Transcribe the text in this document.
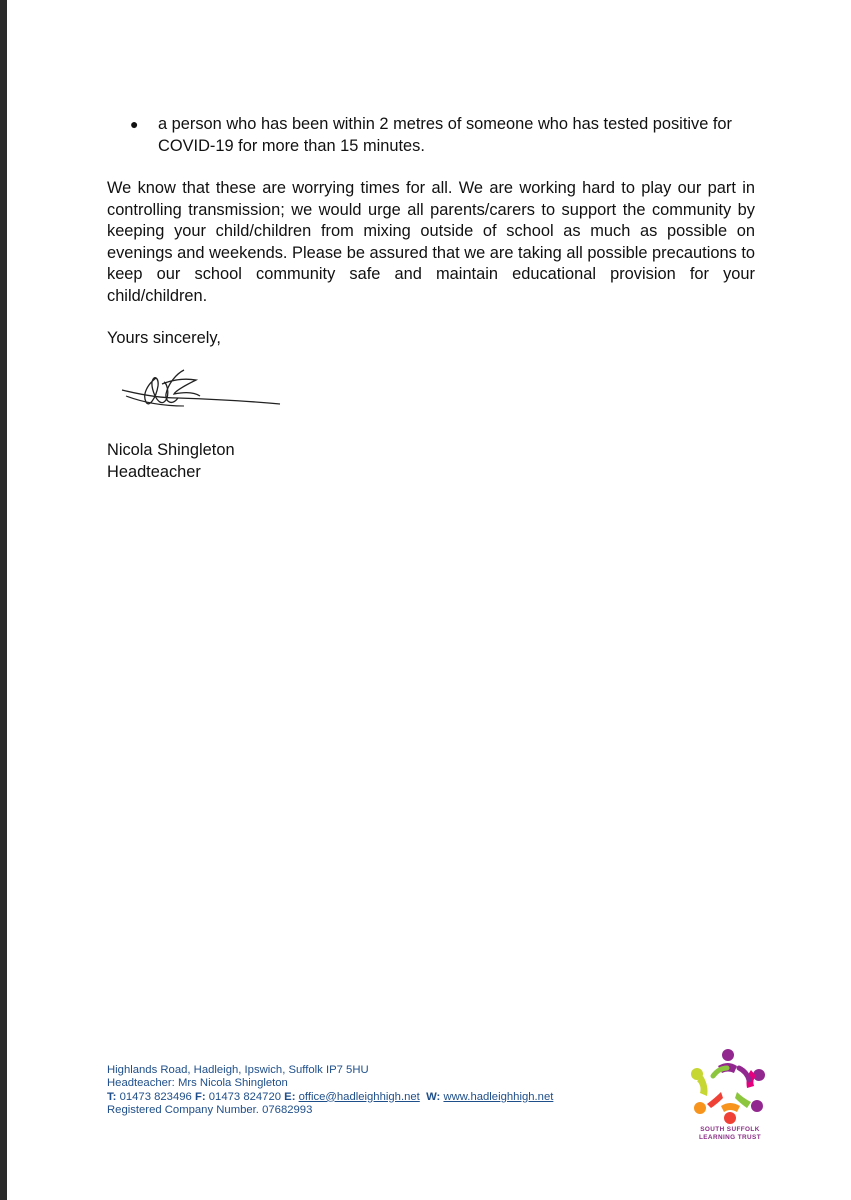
● a person who has been within 2 metres of someone who has tested positive for COVID-19 for more than 15 minutes.
We know that these are worrying times for all. We are working hard to play our part in controlling transmission; we would urge all parents/carers to support the community by keeping your child/children from mixing outside of school as much as possible on evenings and weekends. Please be assured that we are taking all possible precautions to keep our school community safe and maintain educational provision for your child/children.
Yours sincerely,
Nicola Shingleton
Headteacher
Highlands Road, Hadleigh, Ipswich, Suffolk IP7 5HU
Headteacher: Mrs Nicola Shingleton
T: 01473 823496 F: 01473 824720 E: office@hadleighhigh.net W: www.hadleighhigh.net
Registered Company Number. 07682993
SOUTH SUFFOLK
LEARNING TRUST
